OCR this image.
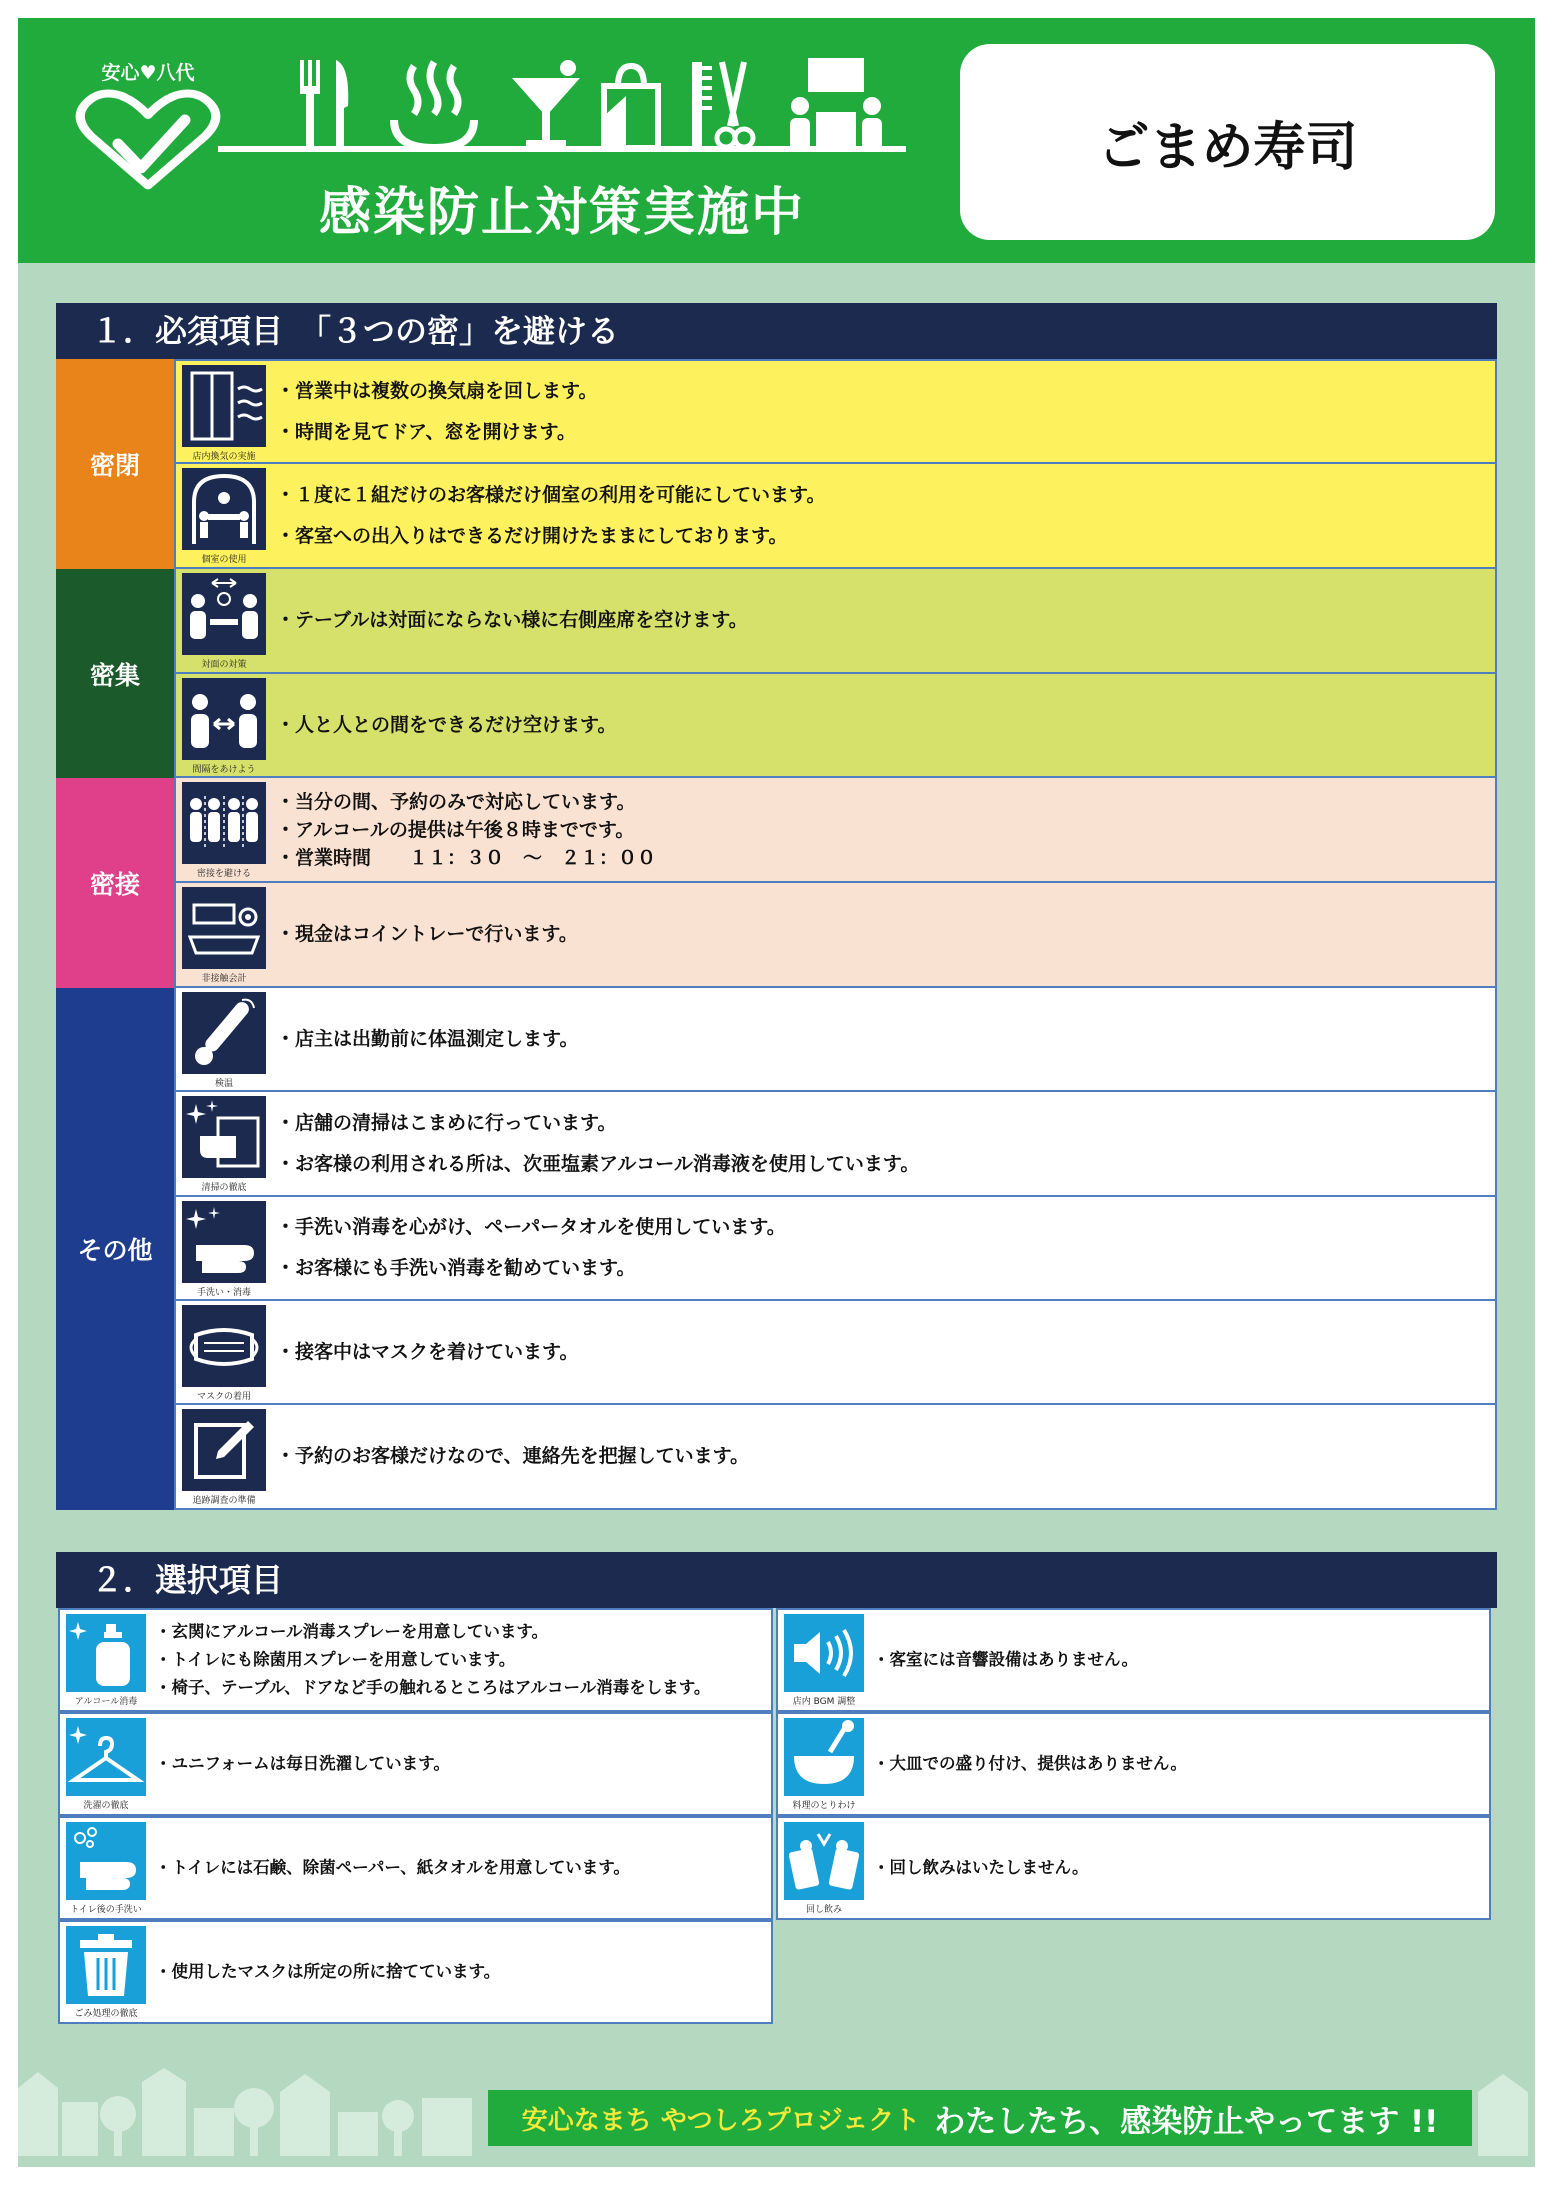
安心♥八代
感染防止対策実施中
ごまめ寿司
１．必須項目　「３つの密」を避ける
密閉
密集
密接
その他
店内換気の実施
・営業中は複数の換気扇を回します。
・時間を見てドア、窓を開けます。
個室の使用
・１度に１組だけのお客様だけ個室の利用を可能にしています。
・客室への出入りはできるだけ開けたままにしております。
対面の対策
・テーブルは対面にならない様に右側座席を空けます。
間隔をあけよう
・人と人との間をできるだけ空けます。
密接を避ける
・当分の間、予約のみで対応しています。
・アルコールの提供は午後８時までです。
・営業時間　　１１：３０　～　２１：００
非接触会計
・現金はコイントレーで行います。
検温
・店主は出勤前に体温測定します。
清掃の徹底
・店舗の清掃はこまめに行っています。
・お客様の利用される所は、次亜塩素アルコール消毒液を使用しています。
手洗い・消毒
・手洗い消毒を心がけ、ペーパータオルを使用しています。
・お客様にも手洗い消毒を勧めています。
マスクの着用
・接客中はマスクを着けています。
追跡調査の準備
・予約のお客様だけなので、連絡先を把握しています。
２．選択項目
アルコール消毒
・玄関にアルコール消毒スプレーを用意しています。
・トイレにも除菌用スプレーを用意しています。
・椅子、テーブル、ドアなど手の触れるところはアルコール消毒をします。
店内 BGM 調整
・客室には音響設備はありません。
洗濯の徹底
・ユニフォームは毎日洗濯しています。
料理のとりわけ
・大皿での盛り付け、提供はありません。
トイレ後の手洗い
・トイレには石鹸、除菌ペーパー、紙タオルを用意しています。
回し飲み
・回し飲みはいたしません。
ごみ処理の徹底
・使用したマスクは所定の所に捨てています。
安心なまち やつしろプロジェクト わたしたち、感染防止やってます !!
